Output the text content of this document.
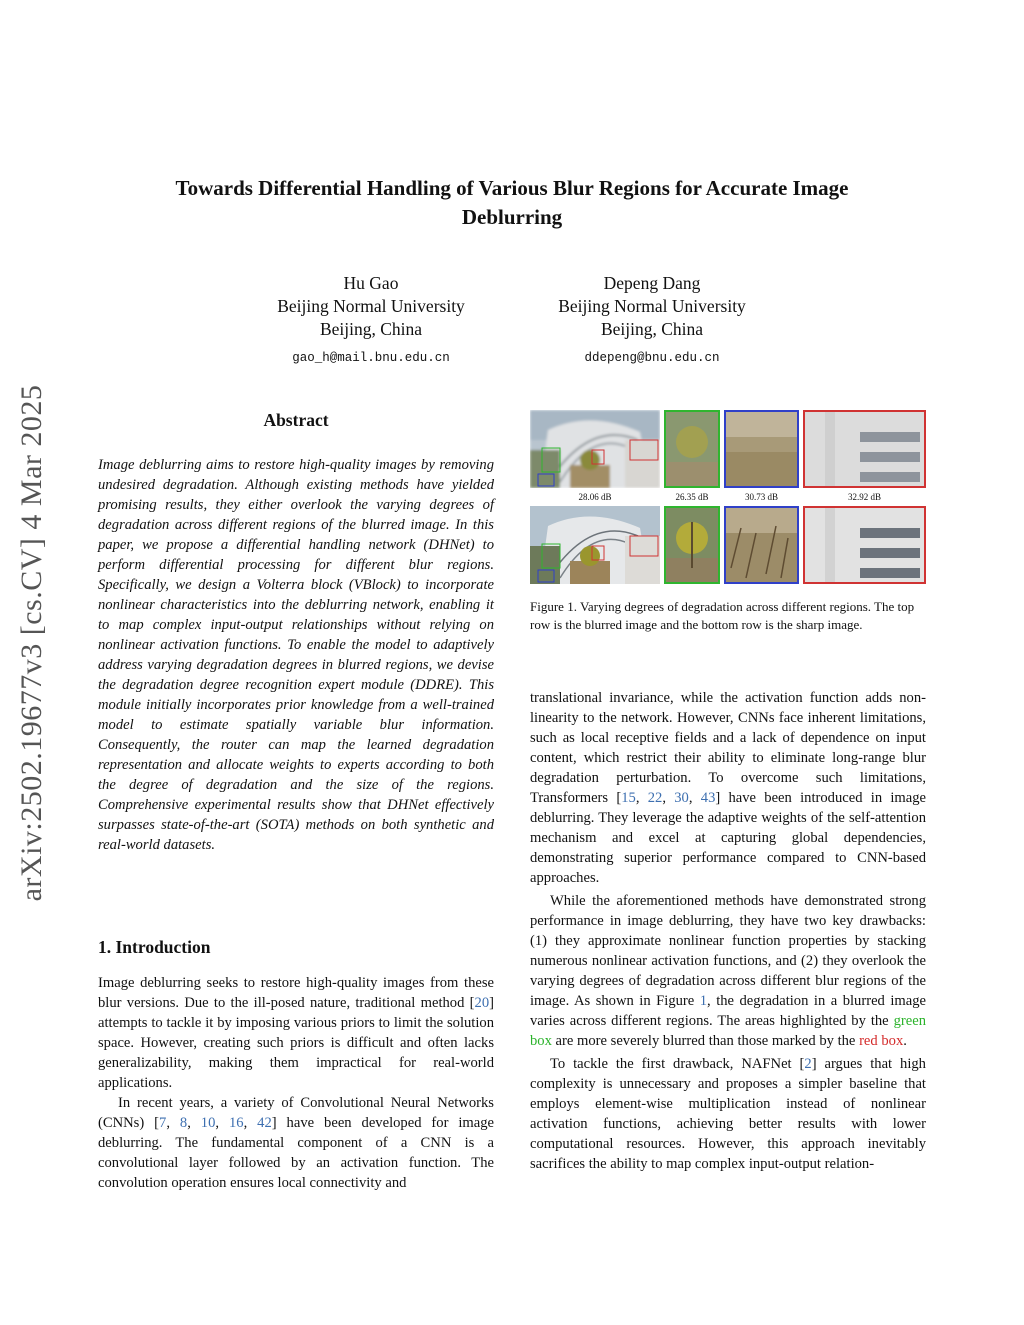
arXiv:2502.19677v3 [cs.CV] 4 Mar 2025
Towards Differential Handling of Various Blur Regions for Accurate Image
Deblurring
Hu Gao
Beijing Normal University
Beijing, China
gao_h@mail.bnu.edu.cn
Depeng Dang
Beijing Normal University
Beijing, China
ddepeng@bnu.edu.cn
Abstract

Image deblurring aims to restore high-quality images by removing undesired degradation. Although existing methods have yielded promising results, they either overlook the varying degrees of degradation across different regions of the blurred image. In this paper, we propose a differential handling network (DHNet) to perform differential processing for different blur regions. Specifically, we design a Volterra block (VBlock) to incorporate nonlinear characteristics into the deblurring network, enabling it to map complex input-output relationships without relying on nonlinear activation functions. To enable the model to adaptively address varying degradation degrees in blurred regions, we devise the degradation degree recognition expert module (DDRE). This module initially incorporates prior knowledge from a well-trained model to estimate spatially variable blur information. Consequently, the router can map the learned degradation representation and allocate weights to experts according to both the degree of degradation and the size of the regions. Comprehensive experimental results show that DHNet effectively surpasses state-of-the-art (SOTA) methods on both synthetic and real-world datasets.

1. Introduction

Image deblurring seeks to restore high-quality images from these blur versions. Due to the ill-posed nature, traditional method [20] attempts to tackle it by imposing various priors to limit the solution space. However, creating such priors is difficult and often lacks generalizability, making them impractical for real-world applications.

In recent years, a variety of Convolutional Neural Networks (CNNs) [7, 8, 10, 16, 42] have been developed for image deblurring. The fundamental component of a CNN is a convolutional layer followed by an activation function. The convolution operation ensures local connectivity and

28.06 dB	26.35 dB	30.73 dB	32.92 dB
Figure 1. Varying degrees of degradation across different regions. The top row is the blurred image and the bottom row is the sharp image.

translational invariance, while the activation function adds non-linearity to the network. However, CNNs face inherent limitations, such as local receptive fields and a lack of dependence on input content, which restrict their ability to eliminate long-range blur degradation perturbation. To overcome such limitations, Transformers [15, 22, 30, 43] have been introduced in image deblurring. They leverage the adaptive weights of the self-attention mechanism and excel at capturing global dependencies, demonstrating superior performance compared to CNN-based approaches.

While the aforementioned methods have demonstrated strong performance in image deblurring, they have two key drawbacks: (1) they approximate nonlinear function properties by stacking numerous nonlinear activation functions, and (2) they overlook the varying degrees of degradation across different blur regions of the image. As shown in Figure 1, the degradation in a blurred image varies across different regions. The areas highlighted by the green box are more severely blurred than those marked by the red box.

To tackle the first drawback, NAFNet [2] argues that high complexity is unnecessary and proposes a simpler baseline that employs element-wise multiplication instead of nonlinear activation functions, achieving better results with lower computational resources. However, this approach inevitably sacrifices the ability to map complex input-output relation-
